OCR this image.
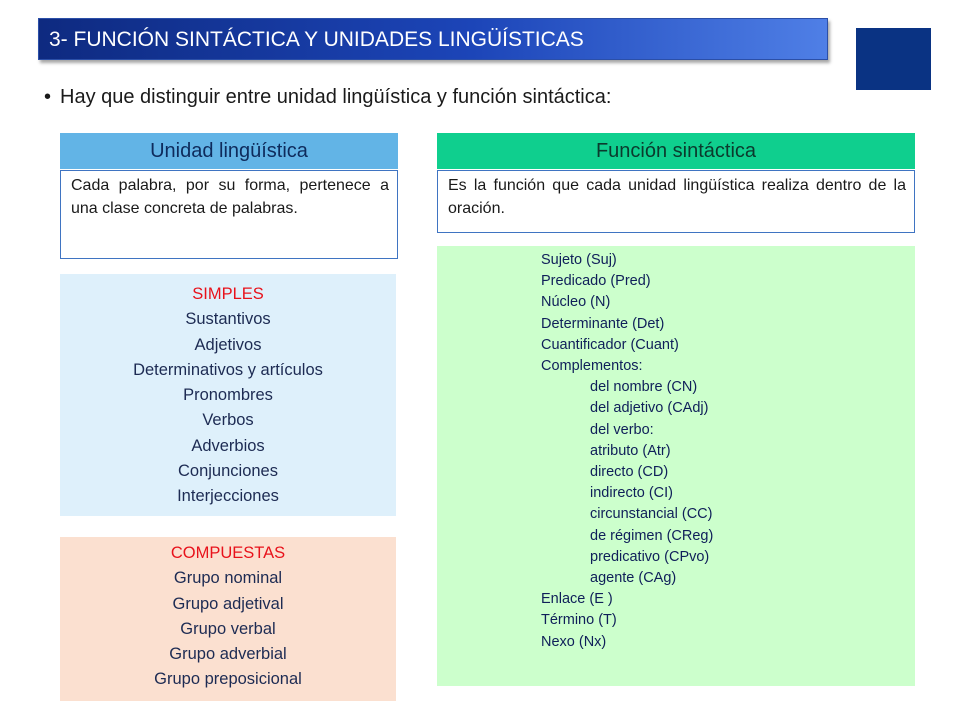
3- FUNCIÓN SINTÁCTICA Y UNIDADES LINGÜÍSTICAS
• Hay que distinguir entre unidad lingüística y función sintáctica:
Unidad lingüística
Cada palabra, por su forma, pertenece a una clase concreta de palabras.
Función sintáctica
Es la función que cada unidad lingüística realiza dentro de la oración.
SIMPLES
Sustantivos
Adjetivos
Determinativos y artículos
Pronombres
Verbos
Adverbios
Conjunciones
Interjecciones
COMPUESTAS
Grupo nominal
Grupo adjetival
Grupo verbal
Grupo adverbial
Grupo preposicional
Sujeto (Suj)
Predicado (Pred)
Núcleo (N)
Determinante (Det)
Cuantificador (Cuant)
Complementos:
del nombre (CN)
del adjetivo (CAdj)
del verbo:
atributo (Atr)
directo (CD)
indirecto (CI)
circunstancial (CC)
de régimen (CReg)
predicativo (CPvo)
agente (CAg)
Enlace (E )
Término (T)
Nexo (Nx)
